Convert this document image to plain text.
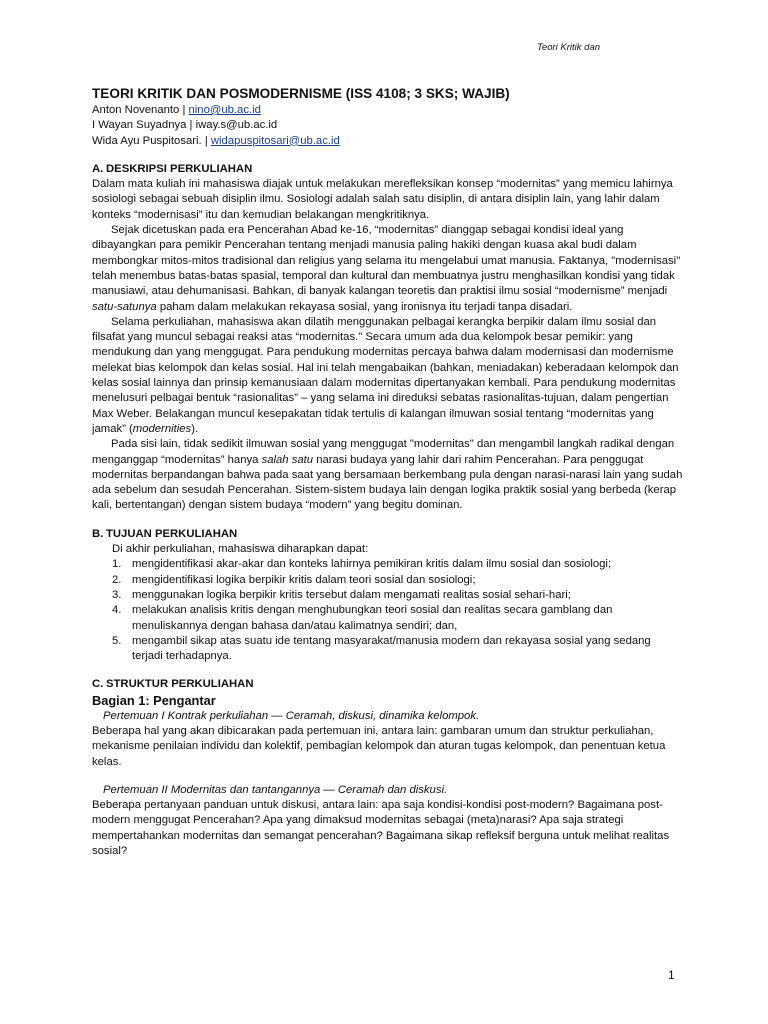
Teori Kritik dan
TEORI KRITIK DAN POSMODERNISME (ISS 4108; 3 SKS; WAJIB)

Anton Novenanto | nino@ub.ac.id

I Wayan Suyadnya | iway.s@ub.ac.id

Wida Ayu Puspitosari. | widapuspitosari@ub.ac.id

A. DESKRIPSI PERKULIAHAN

Dalam mata kuliah ini mahasiswa diajak untuk melakukan merefleksikan konsep “modernitas” yang memicu lahirnya sosiologi sebagai sebuah disiplin ilmu. Sosiologi adalah salah satu disiplin, di antara disiplin lain, yang lahir dalam konteks “modernisasi” itu dan kemudian belakangan mengkritiknya.

Sejak dicetuskan pada era Pencerahan Abad ke-16, “modernitas” dianggap sebagai kondisi ideal yang dibayangkan para pemikir Pencerahan tentang menjadi manusia paling hakiki dengan kuasa akal budi dalam membongkar mitos-mitos tradisional dan religius yang selama itu mengelabui umat manusia. Faktanya, "modernisasi" telah menembus batas-batas spasial, temporal dan kultural dan membuatnya justru menghasilkan kondisi yang tidak manusiawi, atau dehumanisasi. Bahkan, di banyak kalangan teoretis dan praktisi ilmu sosial “modernisme” menjadi satu-satunya paham dalam melakukan rekayasa sosial, yang ironisnya itu terjadi tanpa disadari.

Selama perkuliahan, mahasiswa akan dilatih menggunakan pelbagai kerangka berpikir dalam ilmu sosial dan filsafat yang muncul sebagai reaksi atas “modernitas." Secara umum ada dua kelompok besar pemikir: yang mendukung dan yang menggugat. Para pendukung modernitas percaya bahwa dalam modernisasi dan modernisme melekat bias kelompok dan kelas sosial. Hal ini telah mengabaikan (bahkan, meniadakan) keberadaan kelompok dan kelas sosial lainnya dan prinsip kemanusiaan dalam modernitas dipertanyakan kembali. Para pendukung modernitas menelusuri pelbagai bentuk “rasionalitas” – yang selama ini direduksi sebatas rasionalitas-tujuan, dalam pengertian Max Weber. Belakangan muncul kesepakatan tidak tertulis di kalangan ilmuwan sosial tentang “modernitas yang jamak” (modernities).

Pada sisi lain, tidak sedikit ilmuwan sosial yang menggugat "modernitas" dan mengambil langkah radikal dengan menganggap “modernitas” hanya salah satu narasi budaya yang lahir dari rahim Pencerahan. Para penggugat modernitas berpandangan bahwa pada saat yang bersamaan berkembang pula dengan narasi-narasi lain yang sudah ada sebelum dan sesudah Pencerahan. Sistem-sistem budaya lain dengan logika praktik sosial yang berbeda (kerap kali, bertentangan) dengan sistem budaya “modern” yang begitu dominan.

B. TUJUAN PERKULIAHAN

Di akhir perkuliahan, mahasiswa diharapkan dapat:

1. mengidentifikasi akar-akar dan konteks lahirnya pemikiran kritis dalam ilmu sosial dan sosiologi;
2. mengidentifikasi logika berpikir kritis dalam teori sosial dan sosiologi;
3. menggunakan logika berpikir kritis tersebut dalam mengamati realitas sosial sehari-hari;
4. melakukan analisis kritis dengan menghubungkan teori sosial dan realitas secara gamblang dan menuliskannya dengan bahasa dan/atau kalimatnya sendiri; dan,
5. mengambil sikap atas suatu ide tentang masyarakat/manusia modern dan rekayasa sosial yang sedang terjadi terhadapnya.
C. STRUKTUR PERKULIAHAN

Bagian 1: Pengantar

Pertemuan I Kontrak perkuliahan — Ceramah, diskusi, dinamika kelompok.

Beberapa hal yang akan dibicarakan pada pertemuan ini, antara lain: gambaran umum dan struktur perkuliahan, mekanisme penilaian individu dan kolektif, pembagian kelompok dan aturan tugas kelompok, dan penentuan ketua kelas.

Pertemuan II Modernitas dan tantangannya — Ceramah dan diskusi.

Beberapa pertanyaan panduan untuk diskusi, antara lain: apa saja kondisi-kondisi post-modern? Bagaimana post-modern menggugat Pencerahan? Apa yang dimaksud modernitas sebagai (meta)narasi? Apa saja strategi mempertahankan modernitas dan semangat pencerahan? Bagaimana sikap refleksif berguna untuk melihat realitas sosial?

1
